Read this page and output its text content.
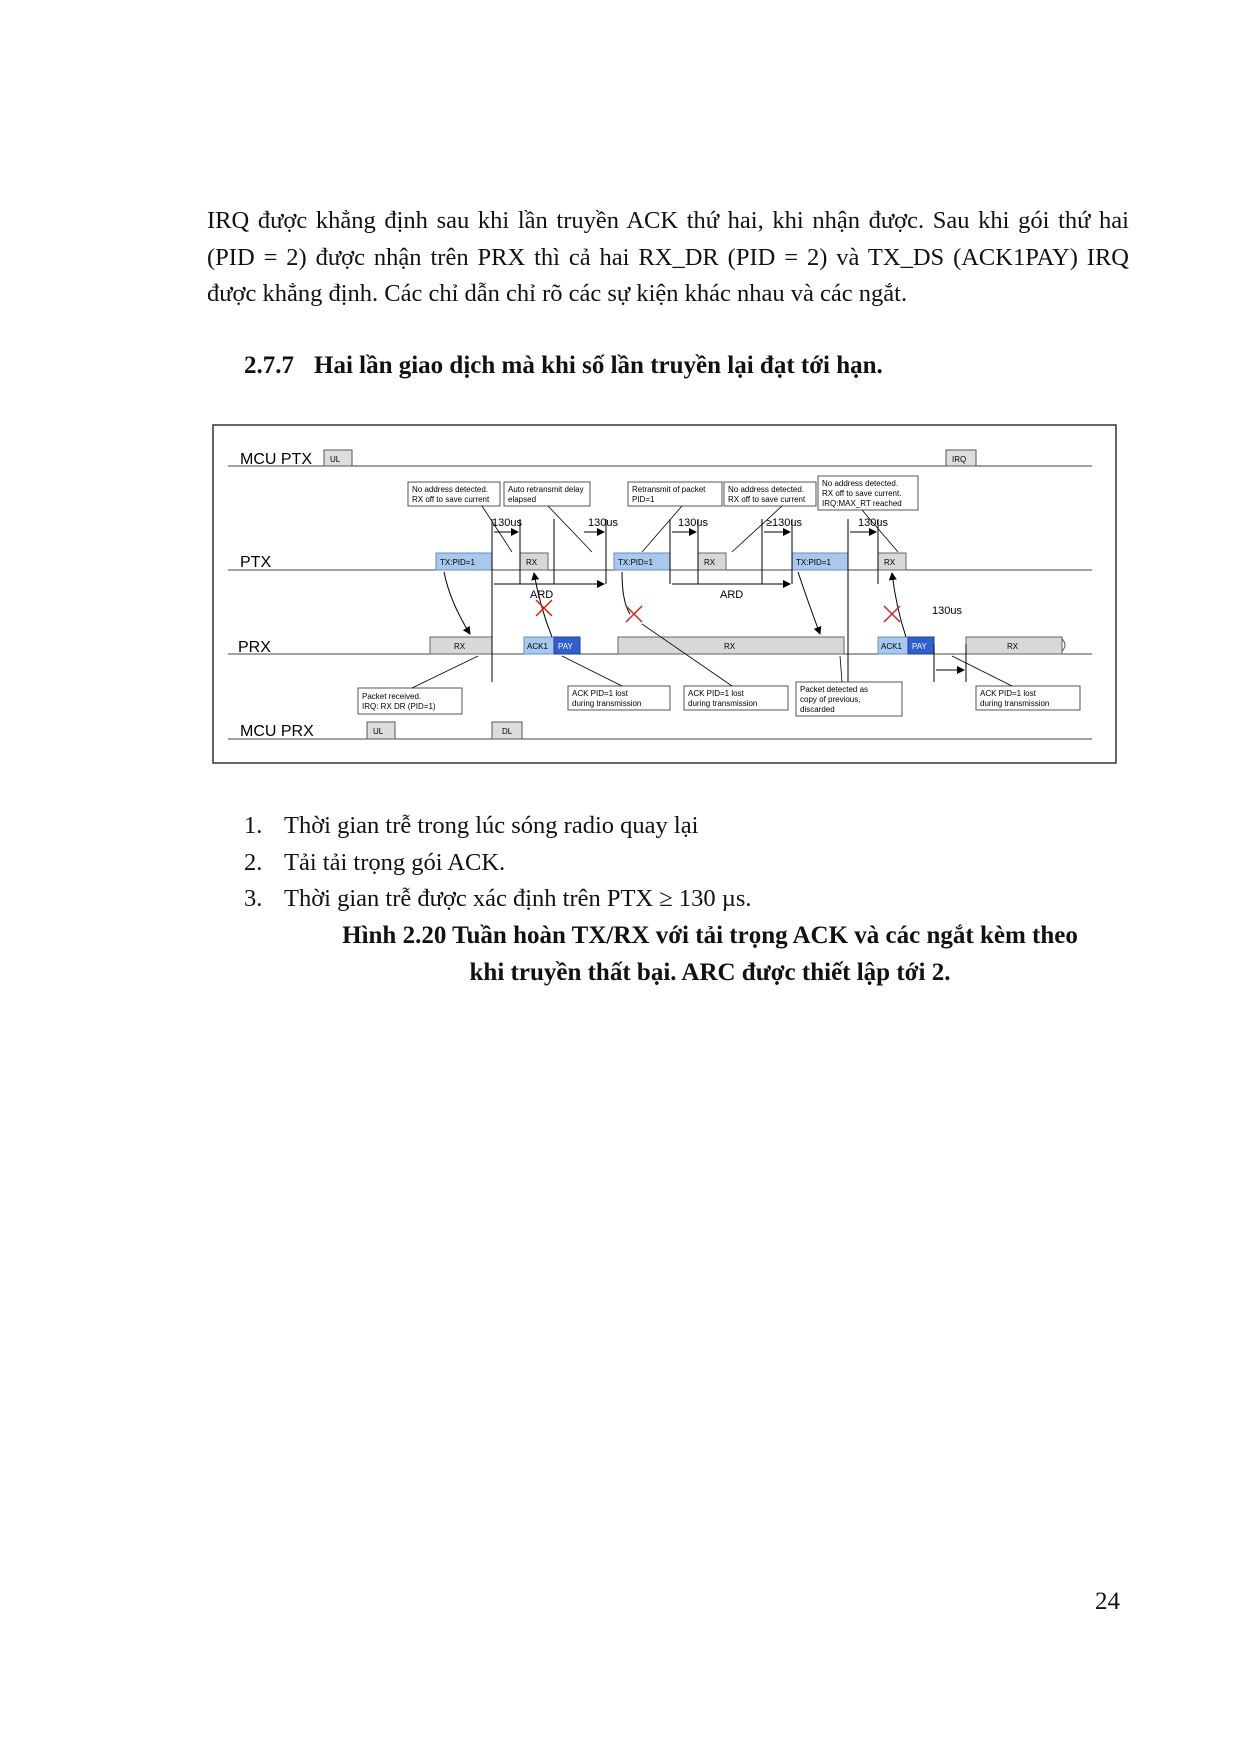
IRQ được khẳng định sau khi lần truyền ACK thứ hai, khi nhận được. Sau khi gói thứ hai (PID = 2) được nhận trên PRX thì cả hai RX_DR (PID = 2) và TX_DS (ACK1PAY) IRQ được khẳng định. Các chỉ dẫn chỉ rõ các sự kiện khác nhau và các ngắt.

2.7.7 Hai lần giao dịch mà khi số lần truyền lại đạt tới hạn.
MCU PTX
PTX
PRX
MCU PRX
UL	IRQ
TX:PID=1	RX	TX:PID=1	RX	TX:PID=1	RX
RX	ACK1 PAY	RX	ACK1 PAY	RX
UL	DL
130us	130us	130us	≥130us	130us
130us
ARD	ARD
No address detected.
RX off to save current
Auto retransmit delay
elapsed
Retransmit of packet
PID=1
No address detected.
RX off to save current
No address detected.
RX off to save current.
IRQ:MAX_RT reached
Packet received.
IRQ: RX DR (PID=1)
ACK PID=1 lost
during transmission
ACK PID=1 lost
during transmission
Packet detected as
copy of previous,
discarded
ACK PID=1 lost
during transmission
1. Thời gian trễ trong lúc sóng radio quay lại
2. Tải tải trọng gói ACK.
3. Thời gian trễ được xác định trên PTX ≥ 130 µs.
Hình 2.20 Tuần hoàn TX/RX với tải trọng ACK và các ngắt kèm theo
khi truyền thất bại. ARC được thiết lập tới 2.
24
